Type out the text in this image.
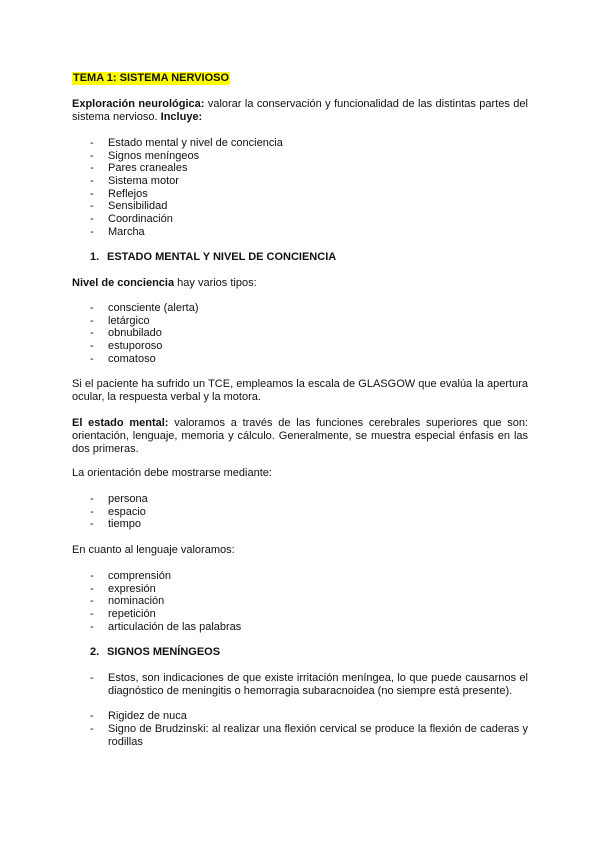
TEMA 1: SISTEMA NERVIOSO
Exploración neurológica: valorar la conservación y funcionalidad de las distintas partes del sistema nervioso. Incluye:
- Estado mental y nivel de conciencia
- Signos meníngeos
- Pares craneales
- Sistema motor
- Reflejos
- Sensibilidad
- Coordinación
- Marcha
1. ESTADO MENTAL Y NIVEL DE CONCIENCIA
Nivel de conciencia hay varios tipos:
- consciente (alerta)
- letárgico
- obnubilado
- estuporoso
- comatoso
Si el paciente ha sufrido un TCE, empleamos la escala de GLASGOW que evalúa la apertura ocular, la respuesta verbal y la motora.
El estado mental: valoramos a través de las funciones cerebrales superiores que son: orientación, lenguaje, memoria y cálculo. Generalmente, se muestra especial énfasis en las dos primeras.
La orientación debe mostrarse mediante:
- persona
- espacio
- tiempo
En cuanto al lenguaje valoramos:
- comprensión
- expresión
- nominación
- repetición
- articulación de las palabras
2. SIGNOS MENÍNGEOS
- Estos, son indicaciones de que existe irritación meníngea, lo que puede causarnos el diagnóstico de meningitis o hemorragia subaracnoidea (no siempre está presente).
- Rigidez de nuca
- Signo de Brudzinski: al realizar una flexión cervical se produce la flexión de caderas y rodillas
